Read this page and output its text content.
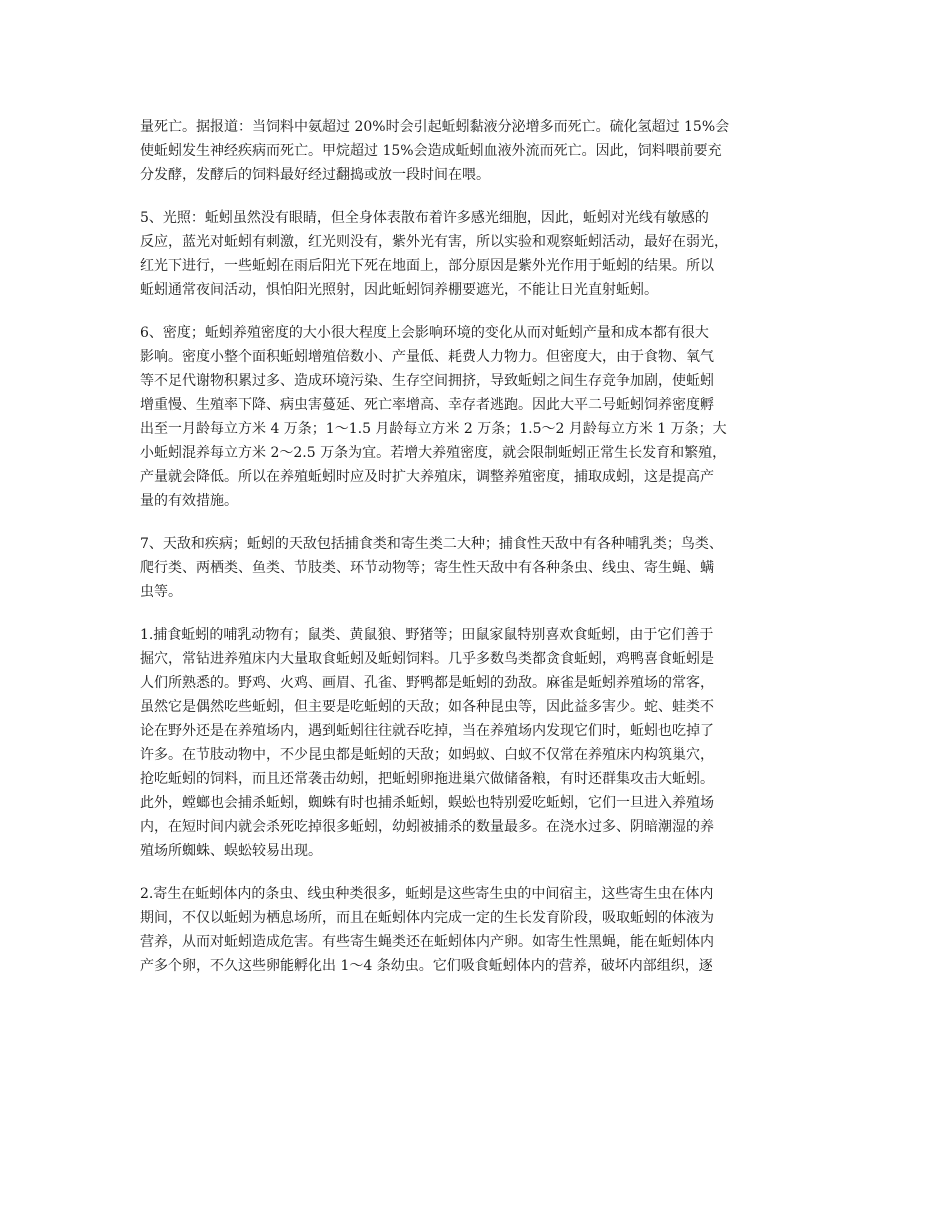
量死亡。据报道：当饲料中氨超过 20%时会引起蚯蚓黏液分泌增多而死亡。硫化氢超过 15%会
使蚯蚓发生神经疾病而死亡。甲烷超过 15%会造成蚯蚓血液外流而死亡。因此，饲料喂前要充
分发酵，发酵后的饲料最好经过翻捣或放一段时间在喂。

5、光照：蚯蚓虽然没有眼睛，但全身体表散布着许多感光细胞，因此，蚯蚓对光线有敏感的
反应，蓝光对蚯蚓有刺激，红光则没有，紫外光有害，所以实验和观察蚯蚓活动，最好在弱光，
红光下进行，一些蚯蚓在雨后阳光下死在地面上，部分原因是紫外光作用于蚯蚓的结果。所以
蚯蚓通常夜间活动，惧怕阳光照射，因此蚯蚓饲养棚要遮光，不能让日光直射蚯蚓。

6、密度；蚯蚓养殖密度的大小很大程度上会影响环境的变化从而对蚯蚓产量和成本都有很大
影响。密度小整个面积蚯蚓增殖倍数小、产量低、耗费人力物力。但密度大，由于食物、氧气
等不足代谢物积累过多、造成环境污染、生存空间拥挤，导致蚯蚓之间生存竞争加剧，使蚯蚓
增重慢、生殖率下降、病虫害蔓延、死亡率增高、幸存者逃跑。因此大平二号蚯蚓饲养密度孵
出至一月龄每立方米 4 万条；1～1.5 月龄每立方米 2 万条；1.5～2 月龄每立方米 1 万条；大
小蚯蚓混养每立方米 2～2.5 万条为宜。若增大养殖密度，就会限制蚯蚓正常生长发育和繁殖，
产量就会降低。所以在养殖蚯蚓时应及时扩大养殖床，调整养殖密度，捕取成蚓，这是提高产
量的有效措施。

7、天敌和疾病；蚯蚓的天敌包括捕食类和寄生类二大种；捕食性天敌中有各种哺乳类；鸟类、
爬行类、两栖类、鱼类、节肢类、环节动物等；寄生性天敌中有各种条虫、线虫、寄生蝇、螨
虫等。

1.捕食蚯蚓的哺乳动物有；鼠类、黄鼠狼、野猪等；田鼠家鼠特别喜欢食蚯蚓，由于它们善于
掘穴，常钻进养殖床内大量取食蚯蚓及蚯蚓饲料。几乎多数鸟类都贪食蚯蚓，鸡鸭喜食蚯蚓是
人们所熟悉的。野鸡、火鸡、画眉、孔雀、野鸭都是蚯蚓的劲敌。麻雀是蚯蚓养殖场的常客，
虽然它是偶然吃些蚯蚓，但主要是吃蚯蚓的天敌；如各种昆虫等，因此益多害少。蛇、蛙类不
论在野外还是在养殖场内，遇到蚯蚓往往就吞吃掉，当在养殖场内发现它们时，蚯蚓也吃掉了
许多。在节肢动物中，不少昆虫都是蚯蚓的天敌；如蚂蚁、白蚁不仅常在养殖床内构筑巢穴，
抢吃蚯蚓的饲料，而且还常袭击幼蚓，把蚯蚓卵拖进巢穴做储备粮，有时还群集攻击大蚯蚓。
此外，螳螂也会捕杀蚯蚓，蜘蛛有时也捕杀蚯蚓，蜈蚣也特别爱吃蚯蚓，它们一旦进入养殖场
内，在短时间内就会杀死吃掉很多蚯蚓，幼蚓被捕杀的数量最多。在浇水过多、阴暗潮湿的养
殖场所蜘蛛、蜈蚣较易出现。

2.寄生在蚯蚓体内的条虫、线虫种类很多，蚯蚓是这些寄生虫的中间宿主，这些寄生虫在体内
期间，不仅以蚯蚓为栖息场所，而且在蚯蚓体内完成一定的生长发育阶段，吸取蚯蚓的体液为
营养，从而对蚯蚓造成危害。有些寄生蝇类还在蚯蚓体内产卵。如寄生性黑蝇，能在蚯蚓体内
产多个卵，不久这些卵能孵化出 1～4 条幼虫。它们吸食蚯蚓体内的营养，破坏内部组织，逐
